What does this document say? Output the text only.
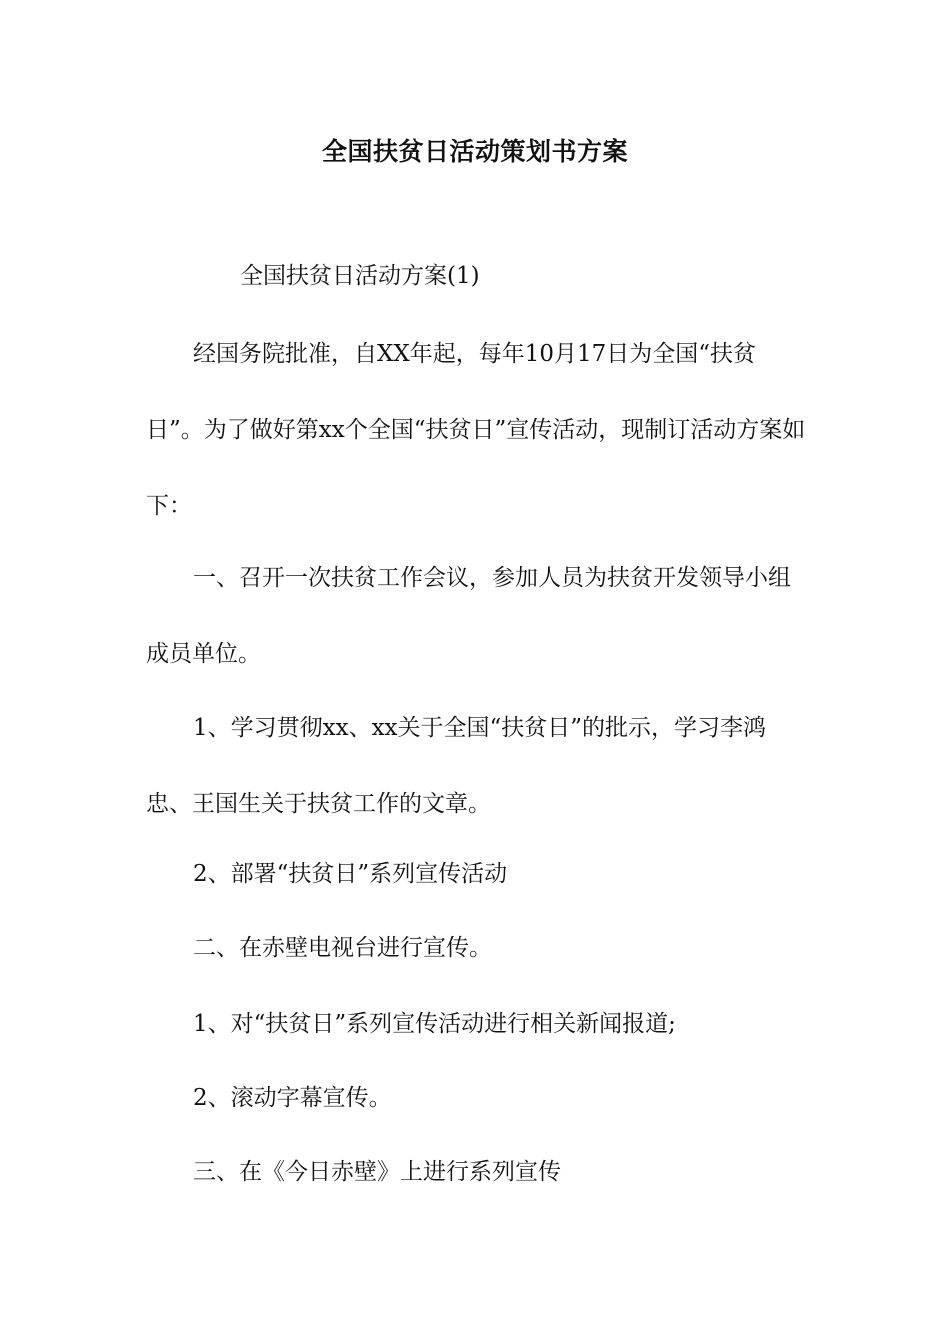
全国扶贫日活动策划书方案

全国扶贫日活动方案(1)

经国务院批准，自XX年起，每年10月17日为全国“扶贫日”。为了做好第xx个全国“扶贫日”宣传活动，现制订活动方案如下：

一、召开一次扶贫工作会议，参加人员为扶贫开发领导小组成员单位。

1、学习贯彻xx、xx关于全国“扶贫日”的批示，学习李鸿忠、王国生关于扶贫工作的文章。

2、部署“扶贫日”系列宣传活动

二、在赤壁电视台进行宣传。

1、对“扶贫日”系列宣传活动进行相关新闻报道;

2、滚动字幕宣传。

三、在《今日赤壁》上进行系列宣传
